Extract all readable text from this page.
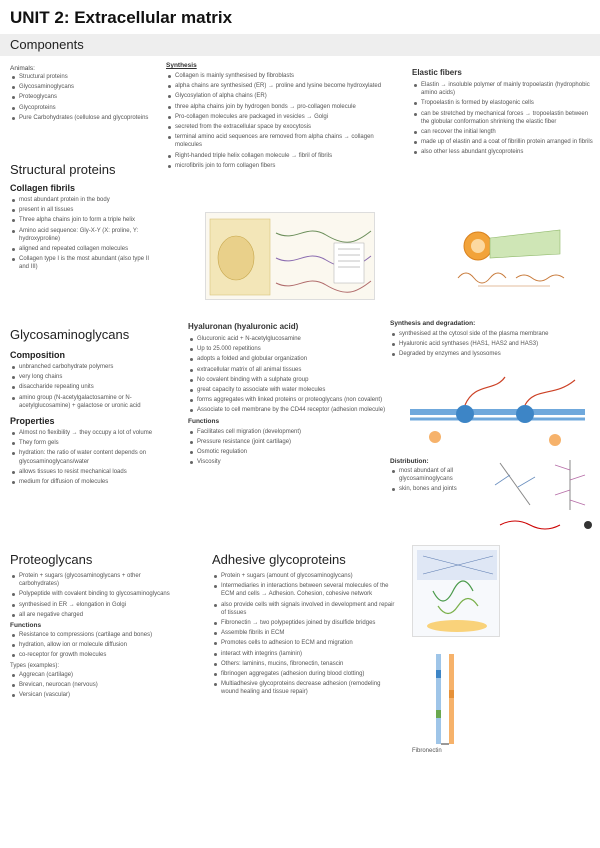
UNIT 2: Extracellular matrix
Components
Animals:
Structural proteins
Glycosaminoglycans
Proteoglycans
Glycoproteins
Pure Carbohydrates (cellulose and glycoproteins
Structural proteins
Collagen fibrils
most abundant protein in the body
present in all tissues
Three alpha chains join to form a triple helix
Amino acid sequence: Gly-X-Y (X: proline, Y: hydroxyproline)
aligned and repeated collagen molecules
Collagen type I is the most abundant (also type II and III)
Synthesis
Collagen is mainly synthesised by fibroblasts
alpha chains are synthesised (ER) → proline and lysine become hydroxylated
Glycosylation of alpha chains (ER)
three alpha chains join by hydrogen bonds → pro-collagen molecule
Pro-collagen molecules are packaged in vesicles → Golgi
secreted from the extracellular space by exocytosis
terminal amino acid sequences are removed from alpha chains → collagen molecules
Right-handed triple helix collagen molecule → fibril of fibrils
microfibrils join to form collagen fibers
Elastic fibers
Elastin → insoluble polymer of mainly tropoelastin (hydrophobic amino acids)
Tropoelastin is formed by elastogenic cells
can be stretched by mechanical forces → tropoelastin between the globular conformation shrinking the elastic fiber
can recover the initial length
made up of elastin and a coat of fibrillin protein arranged in fibrils
also other less abundant glycoproteins
Glycosaminoglycans
Composition
unbranched carbohydrate polymers
very long chains
disaccharide repeating units
amino group (N-acetylgalactosamine or N-acetylglucosamine) + galactose or uronic acid
Properties
Almost no flexibility → they occupy a lot of volume
They form gels
hydration: the ratio of water content depends on glycosaminoglycans/water
allows tissues to resist mechanical loads
medium for diffusion of molecules
Hyaluronan (hyaluronic acid)
Glucuronic acid + N-acetylglucosamine
Up to 25.000 repetitions
adopts a folded and globular organization
extracellular matrix of all animal tissues
No covalent binding with a sulphate group
great capacity to associate with water molecules
forms aggregates with linked proteins or proteoglycans (non covalent)
Associate to cell membrane by the CD44 receptor (adhesion molecule)
Functions
Facilitates cell migration (development)
Pressure resistance (joint cartilage)
Osmotic regulation
Viscosity
Synthesis and degradation:
synthesised at the cytosol side of the plasma membrane
Hyaluronic acid synthases (HAS1, HAS2 and HAS3)
Degraded by enzymes and lysosomes
Distribution:
most abundant of all glycosaminoglycans
skin, bones and joints
Proteoglycans
Protein + sugars (glycosaminoglycans + other carbohydrates)
Polypeptide with covalent binding to glycosaminoglycans
synthesised in ER → elongation in Golgi
all are negative charged
Functions
Resistance to compressions (cartilage and bones)
hydration, allow ion or molecule diffusion
co-receptor for growth molecules
Types (examples):
Aggrecan (cartilage)
Brevican, neurocan (nervous)
Versican (vascular)
Adhesive glycoproteins
Protein + sugars (amount of glycosaminoglycans)
Intermediaries in interactions between several molecules of the ECM and cells → Adhesion. Cohesion, cohesive network
also provide cells with signals involved in development and repair of tissues
Fibronectin → two polypeptides joined by disulfide bridges
Assemble fibrils in ECM
Promotes cells to adhesion to ECM and migration
interact with integrins (laminin)
Others: laminins, mucins, fibronectin, tenascin
fibrinogen aggregates (adhesion during blood clotting)
Multiadhesive glycoproteins decrease adhesion (remodeling wound healing and tissue repair)
Fibronectin
